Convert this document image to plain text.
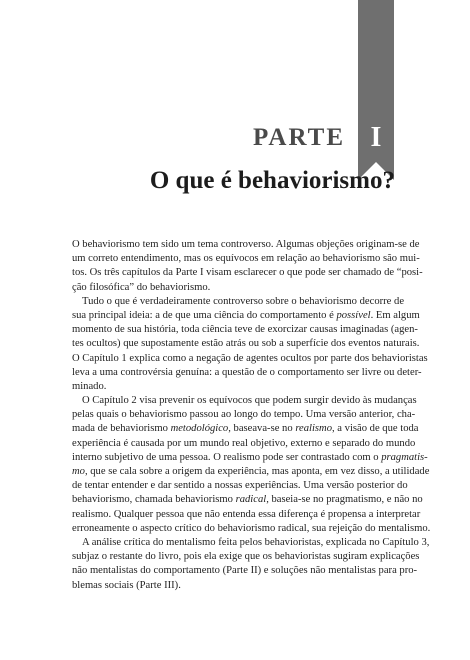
PARTE I
O que é behaviorismo?
O behaviorismo tem sido um tema controverso. Algumas objeções originam-se de
um correto entendimento, mas os equívocos em relação ao behaviorismo são mui-
tos. Os três capítulos da Parte I visam esclarecer o que pode ser chamado de “posi-
ção filosófica” do behaviorismo.
Tudo o que é verdadeiramente controverso sobre o behaviorismo decorre de
sua principal ideia: a de que uma ciência do comportamento é possível. Em algum
momento de sua história, toda ciência teve de exorcizar causas imaginadas (agen-
tes ocultos) que supostamente estão atrás ou sob a superfície dos eventos naturais.
O Capítulo 1 explica como a negação de agentes ocultos por parte dos behavioristas
leva a uma controvérsia genuína: a questão de o comportamento ser livre ou deter-
minado.
O Capítulo 2 visa prevenir os equívocos que podem surgir devido às mudanças
pelas quais o behaviorismo passou ao longo do tempo. Uma versão anterior, cha-
mada de behaviorismo metodológico, baseava-se no realismo, a visão de que toda
experiência é causada por um mundo real objetivo, externo e separado do mundo
interno subjetivo de uma pessoa. O realismo pode ser contrastado com o pragmatis-
mo, que se cala sobre a origem da experiência, mas aponta, em vez disso, a utilidade
de tentar entender e dar sentido a nossas experiências. Uma versão posterior do
behaviorismo, chamada behaviorismo radical, baseia-se no pragmatismo, e não no
realismo. Qualquer pessoa que não entenda essa diferença é propensa a interpretar
erroneamente o aspecto crítico do behaviorismo radical, sua rejeição do mentalismo.
A análise crítica do mentalismo feita pelos behavioristas, explicada no Capítulo 3,
subjaz o restante do livro, pois ela exige que os behavioristas sugiram explicações
não mentalistas do comportamento (Parte II) e soluções não mentalistas para pro-
blemas sociais (Parte III).
